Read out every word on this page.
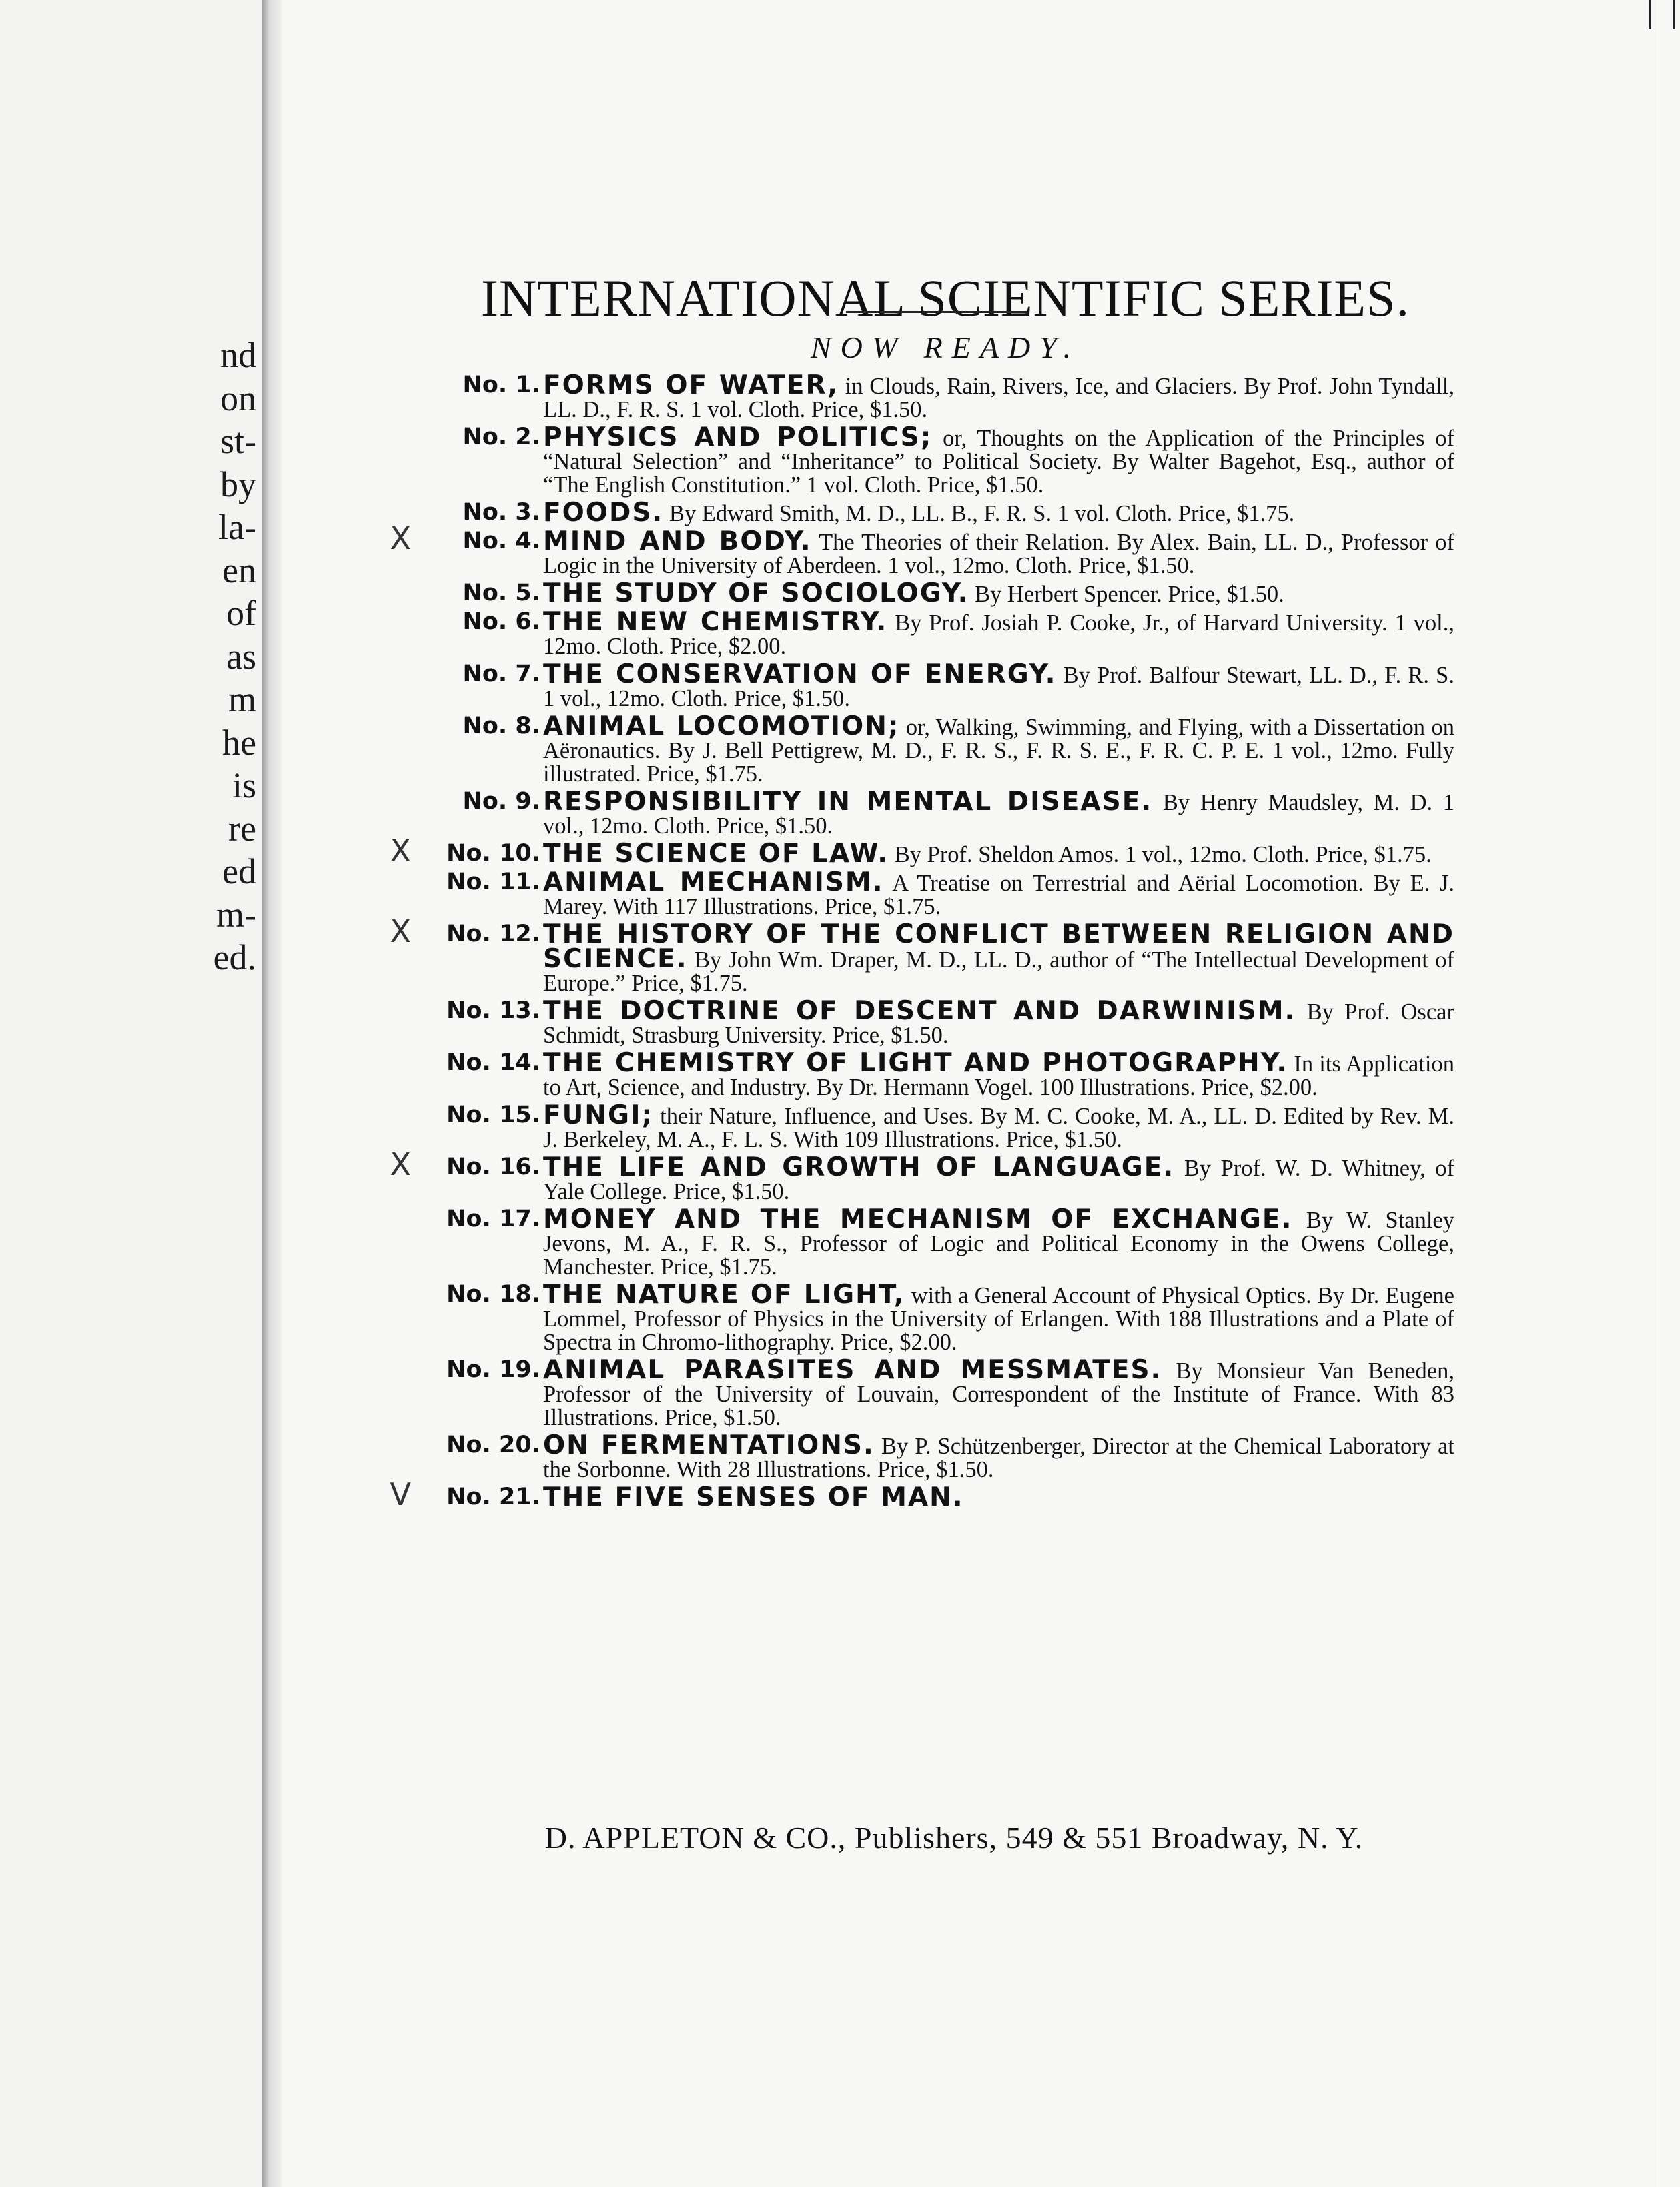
nd
on
st-
by
la-
en
of
as
m
he
is
re
ed
m-
ed.
INTERNATIONAL SCIENTIFIC SERIES.
NOW READY.
No. 1. FORMS OF WATER, in Clouds, Rain, Rivers, Ice, and Glaciers. By Prof. John Tyndall, LL. D., F. R. S. 1 vol. Cloth. Price, $1.50.
No. 2. PHYSICS AND POLITICS; or, Thoughts on the Application of the Principles of “Natural Selection” and “Inheritance” to Political Society. By Walter Bagehot, Esq., author of “The English Constitution.” 1 vol. Cloth. Price, $1.50.
No. 3. FOODS. By Edward Smith, M. D., LL. B., F. R. S. 1 vol. Cloth. Price, $1.75.
X	No. 4. MIND AND BODY. The Theories of their Relation. By Alex. Bain, LL. D., Professor of Logic in the University of Aberdeen. 1 vol., 12mo. Cloth. Price, $1.50.
No. 5. THE STUDY OF SOCIOLOGY. By Herbert Spencer. Price, $1.50.
No. 6. THE NEW CHEMISTRY. By Prof. Josiah P. Cooke, Jr., of Harvard University. 1 vol., 12mo. Cloth. Price, $2.00.
No. 7. THE CONSERVATION OF ENERGY. By Prof. Balfour Stewart, LL. D., F. R. S. 1 vol., 12mo. Cloth. Price, $1.50.
No. 8. ANIMAL LOCOMOTION; or, Walking, Swimming, and Flying, with a Dissertation on Aëronautics. By J. Bell Pettigrew, M. D., F. R. S., F. R. S. E., F. R. C. P. E. 1 vol., 12mo. Fully illustrated. Price, $1.75.
No. 9. RESPONSIBILITY IN MENTAL DISEASE. By Henry Maudsley, M. D. 1 vol., 12mo. Cloth. Price, $1.50.
X	No. 10. THE SCIENCE OF LAW. By Prof. Sheldon Amos. 1 vol., 12mo. Cloth. Price, $1.75.
No. 11. ANIMAL MECHANISM. A Treatise on Terrestrial and Aërial Locomotion. By E. J. Marey. With 117 Illustrations. Price, $1.75.
X	No. 12. THE HISTORY OF THE CONFLICT BETWEEN RELIGION AND SCIENCE. By John Wm. Draper, M. D., LL. D., author of “The Intellectual Development of Europe.” Price, $1.75.
No. 13. THE DOCTRINE OF DESCENT AND DARWINISM. By Prof. Oscar Schmidt, Strasburg University. Price, $1.50.
No. 14. THE CHEMISTRY OF LIGHT AND PHOTOGRAPHY. In its Application to Art, Science, and Industry. By Dr. Hermann Vogel. 100 Illustrations. Price, $2.00.
No. 15. FUNGI; their Nature, Influence, and Uses. By M. C. Cooke, M. A., LL. D. Edited by Rev. M. J. Berkeley, M. A., F. L. S. With 109 Illustrations. Price, $1.50.
X	No. 16. THE LIFE AND GROWTH OF LANGUAGE. By Prof. W. D. Whitney, of Yale College. Price, $1.50.
No. 17. MONEY AND THE MECHANISM OF EXCHANGE. By W. Stanley Jevons, M. A., F. R. S., Professor of Logic and Political Economy in the Owens College, Manchester. Price, $1.75.
No. 18. THE NATURE OF LIGHT, with a General Account of Physical Optics. By Dr. Eugene Lommel, Professor of Physics in the University of Erlangen. With 188 Illustrations and a Plate of Spectra in Chromo-lithography. Price, $2.00.
No. 19. ANIMAL PARASITES AND MESSMATES. By Monsieur Van Beneden, Professor of the University of Louvain, Correspondent of the Institute of France. With 83 Illustrations. Price, $1.50.
No. 20. ON FERMENTATIONS. By P. Schützenberger, Director at the Chemical Laboratory at the Sorbonne. With 28 Illustrations. Price, $1.50.
V	No. 21. THE FIVE SENSES OF MAN.
D. APPLETON & CO., Publishers, 549 & 551 Broadway, N. Y.
